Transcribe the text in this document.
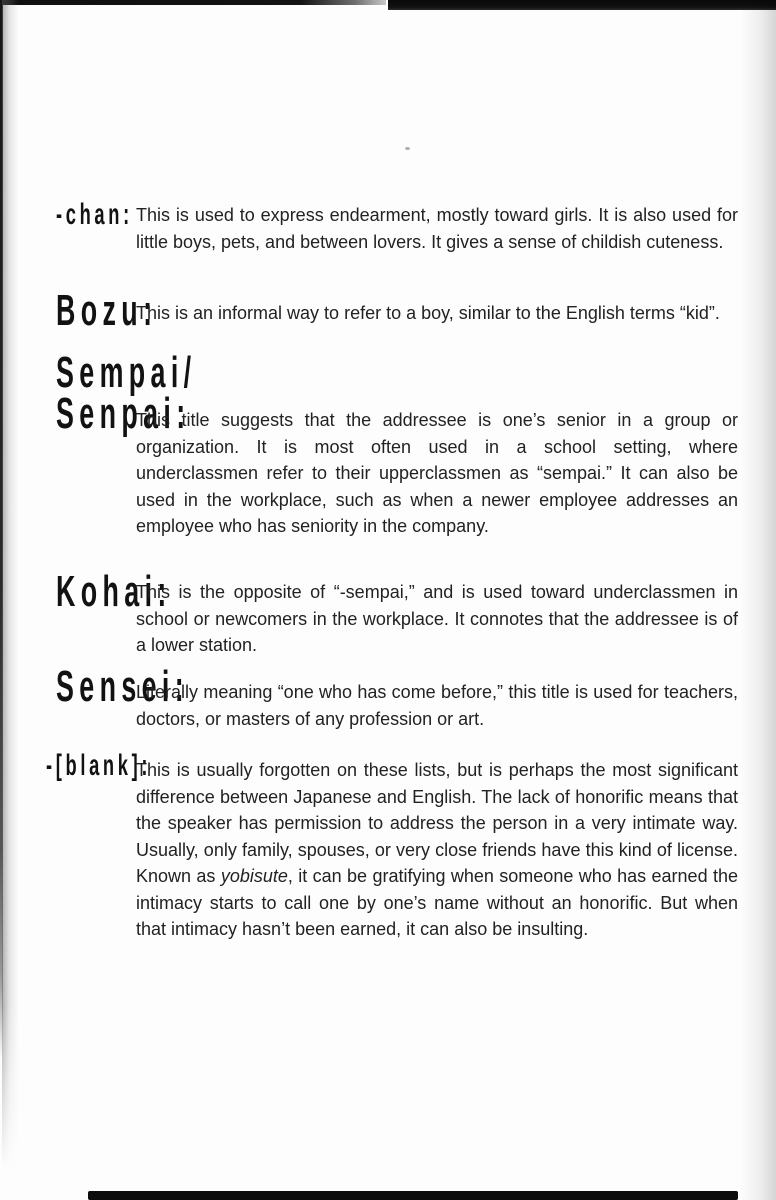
-chan: This is used to express endearment, mostly toward girls. It is also used for little boys, pets, and between lovers. It gives a sense of childish cuteness.

Bozu:

This is an informal way to refer to a boy, similar to the English terms “kid”.

Sempai/
Senpai:

This title suggests that the addressee is one’s senior in a group or organization. It is most often used in a school setting, where underclassmen refer to their upperclassmen as “sempai.” It can also be used in the workplace, such as when a newer employee addresses an employee who has seniority in the company.

Kohai:

This is the opposite of “-sempai,” and is used toward underclassmen in school or newcomers in the workplace. It connotes that the addressee is of a lower station.

Sensei:

Literally meaning “one who has come before,” this title is used for teachers, doctors, or masters of any profession or art.

-[blank]:

This is usually forgotten on these lists, but is perhaps the most significant difference between Japanese and English. The lack of honorific means that the speaker has permission to address the person in a very intimate way. Usually, only family, spouses, or very close friends have this kind of license. Known as yobisute, it can be gratifying when someone who has earned the intimacy starts to call one by one’s name without an honorific. But when that intimacy hasn’t been earned, it can also be insulting.
